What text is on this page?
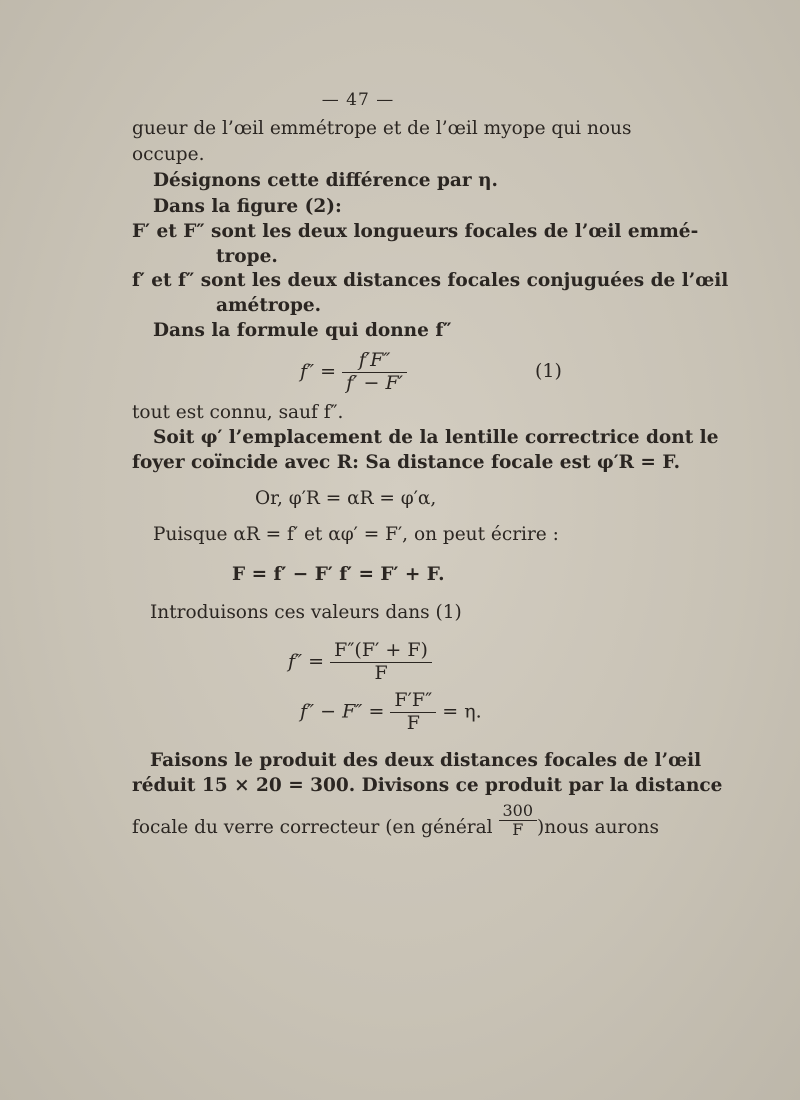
— 47 —
gueur de l’œil emmétrope et de l’œil myope qui nous
occupe.
Désignons cette différence par η.
Dans la figure (2):
F′ et F″ sont les deux longueurs focales de l’œil emmé-
trope.
f′ et f″ sont les deux distances focales conjuguées de l’œil
amétrope.
Dans la formule qui donne f″
$f'' = \frac{f'F''}{f' - F'}$	(1)
tout est connu, sauf f″.
Soit φ′ l’emplacement de la lentille correctrice dont le
foyer coïncide avec R: Sa distance focale est φ′R = F.
Or, φ′R = αR = φ′α,
Puisque αR = f′ et αφ′ = F′, on peut écrire :
F = f′ − F′ f′ = F′ + F.
Introduisons ces valeurs dans (1)
$f'' = \frac{F''(F' + F)}{F}$
$f'' - F'' = \frac{F'F''}{F} = \eta$.
Faisons le produit des deux distances focales de l’œil
réduit 15 × 20 = 300. Divisons ce produit par la distance
focale du verre correcteur (en général $\frac{300}{F}$ )nous aurons
